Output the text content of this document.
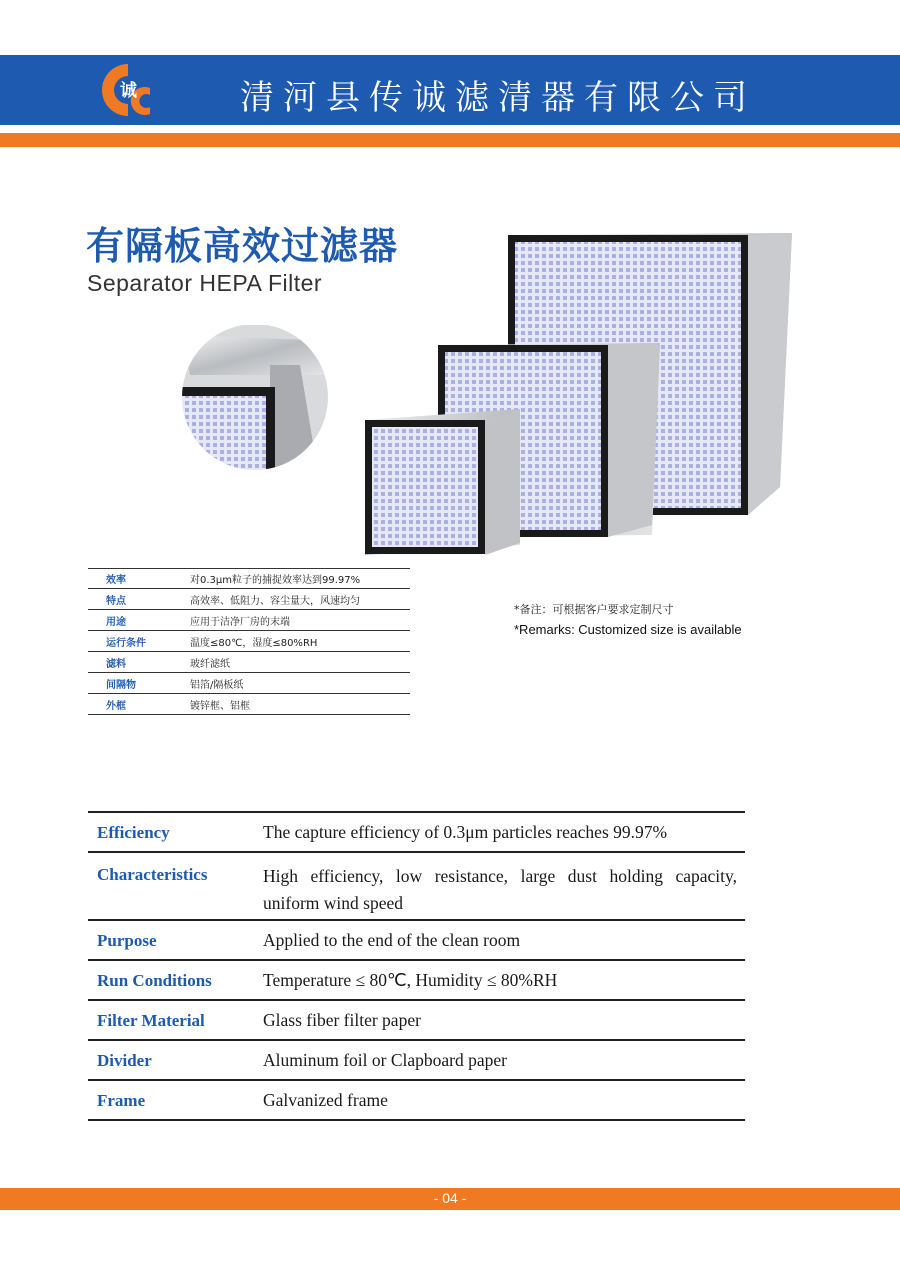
诚	清河县传诚滤清器有限公司
有隔板高效过滤器
Separator HEPA Filter
效率	对0.3μm粒子的捕捉效率达到99.97%
特点	高效率、低阻力、容尘量大，风速均匀
用途	应用于洁净厂房的末端
运行条件	温度≤80℃，湿度≤80%RH
滤料	玻纤滤纸
间隔物	铝箔/隔板纸
外框	镀锌框、铝框
*备注：可根据客户要求定制尺寸
*Remarks: Customized size is available
Efficiency	The capture efficiency of 0.3μm particles reaches 99.97%
Characteristics	High efficiency, low resistance, large dust holding capacity, uniform wind speed
Purpose	Applied to the end of the clean room
Run Conditions	Temperature ≤ 80℃, Humidity ≤ 80%RH
Filter Material	Glass fiber filter paper
Divider	Aluminum foil or Clapboard paper
Frame	Galvanized frame
- 04 -
